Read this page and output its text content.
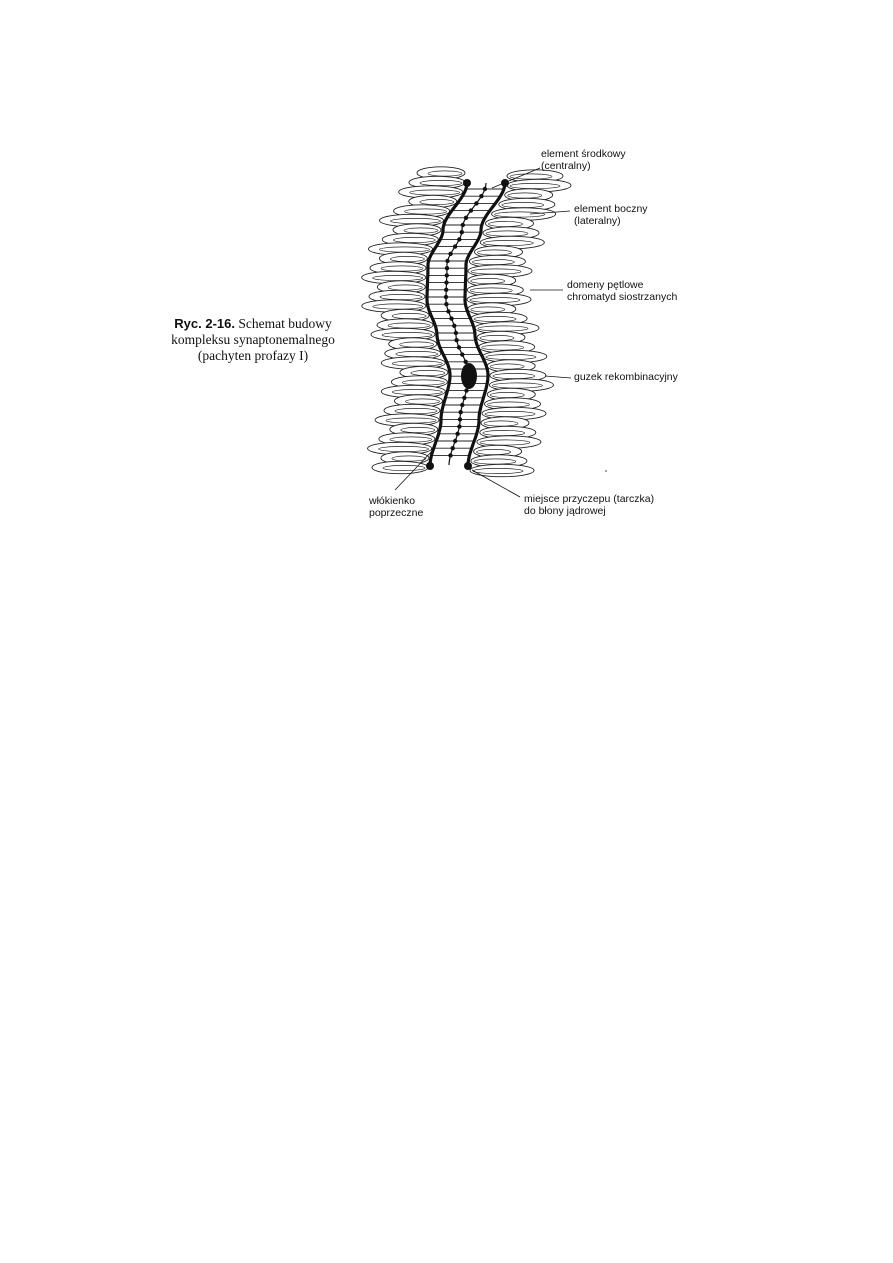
Ryc. 2-16. Schemat budowy
kompleksu synaptonemalnego
(pachyten profazy I)
element środkowy
(centralny)
element boczny
(lateralny)
domeny pętlowe
chromatyd siostrzanych
guzek rekombinacyjny
miejsce przyczepu (tarczka)
do błony jądrowej
włókienko
poprzeczne
